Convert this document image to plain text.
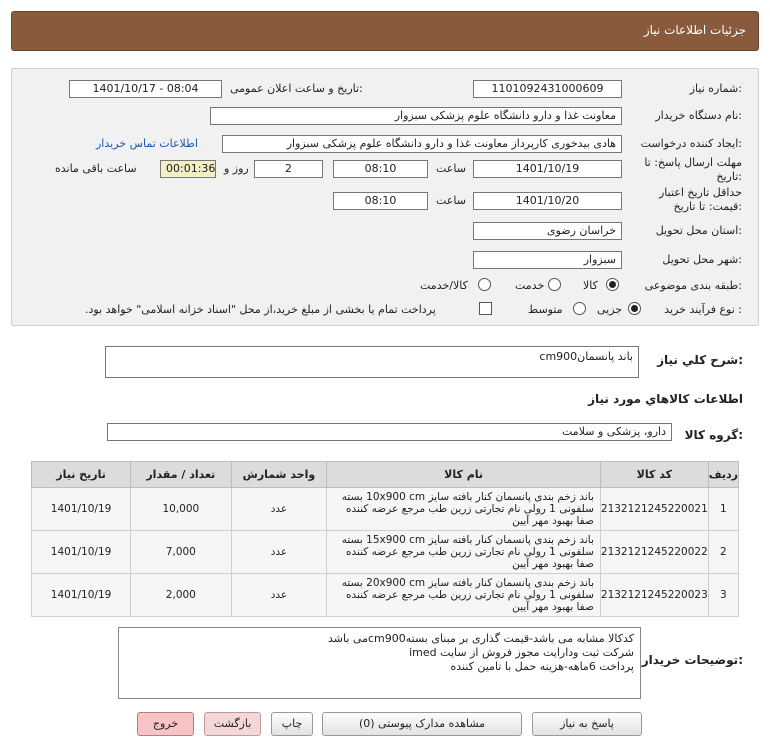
جزئیات اطلاعات نیاز
شماره نیاز:
1101092431000609
تاریخ و ساعت اعلان عمومی:
1401/10/17 - 08:04
نام دستگاه خریدار:
معاونت غذا و دارو دانشگاه علوم پزشکی سبزوار
ایجاد کننده درخواست:
هادی بیدخوری کارپرداز معاونت غذا و دارو دانشگاه علوم پزشکی سبزوار
اطلاعات تماس خریدار
مهلت ارسال پاسخ: تا تاریخ:
1401/10/19
ساعت
08:10
2
روز و
00:01:36
ساعت باقی مانده
حداقل تاریخ اعتبار قیمت: تا تاریخ:
1401/10/20
ساعت
08:10
استان محل تحویل:
خراسان رضوی
شهر محل تحویل:
سبزوار
طبقه بندی موضوعی:
کالا
خدمت
کالا/خدمت
نوع فرآیند خرید :
جزیی
متوسط
پرداخت تمام یا بخشی از مبلغ خرید،از محل "اسناد خزانه اسلامی" خواهد بود.
شرح کلي نياز:
باند پانسمانcm900
اطلاعات کالاهاي مورد نياز
گروه کالا:
دارو، پزشکی و سلامت
ردیف	کد کالا	نام کالا	واحد شمارش	تعداد / مقدار	تاریخ نیاز
1	2132121245220021	باند زخم بندی پانسمان کنار بافته سایز 10x900 cm بسته سلفونی 1 رولی نام تجارتی زرین طب مرجع عرضه کننده صفا بهبود مهر آیین	عدد	10,000	1401/10/19
2	2132121245220022	باند زخم بندی پانسمان کنار بافته سایز 15x900 cm بسته سلفونی 1 رولی نام تجارتی زرین طب مرجع عرضه کننده صفا بهبود مهر آیین	عدد	7,000	1401/10/19
3	2132121245220023	باند زخم بندی پانسمان کنار بافته سایز 20x900 cm بسته سلفونی 1 رولی نام تجارتی زرین طب مرجع عرضه کننده صفا بهبود مهر آیین	عدد	2,000	1401/10/19
توضیحات خریدار:
کدکالا مشابه می باشد-قیمت گذاری بر مبنای بستهcm900می باشد
شرکت ثبت ودارایت مجوز فروش از سایت imed
پرداخت 6ماهه-هزینه حمل با تامین کننده
پاسخ به نیاز
مشاهده مدارک پیوستی (0)
چاپ
بازگشت
خروج
